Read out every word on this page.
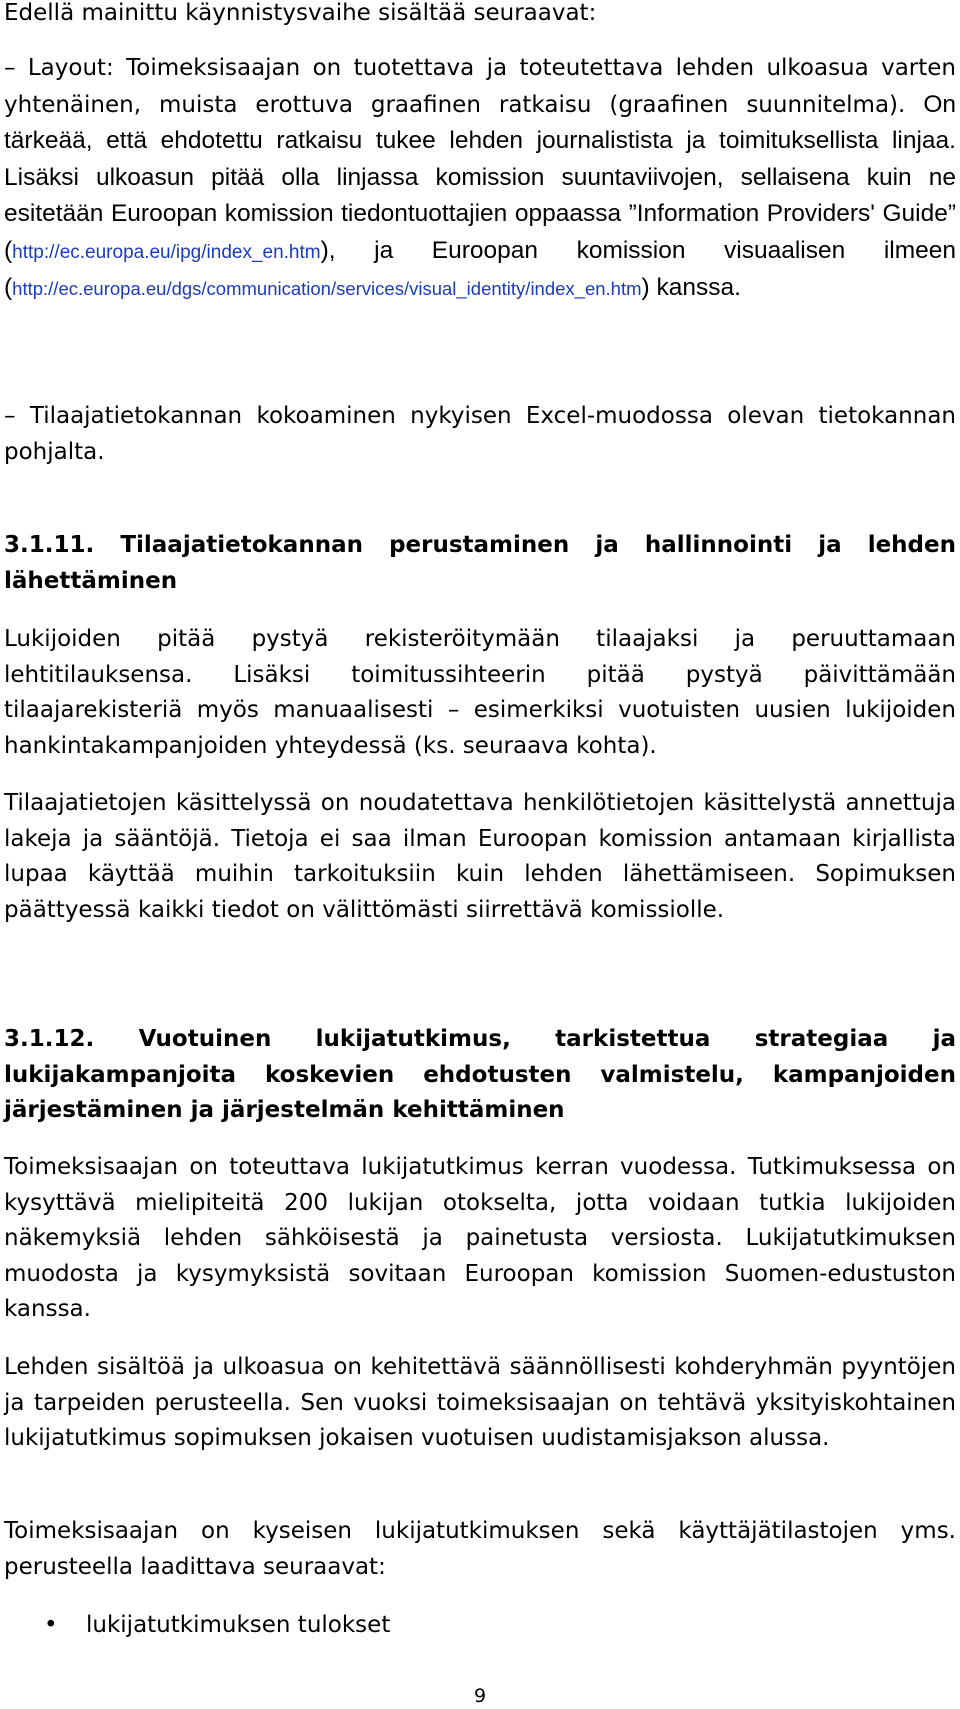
Edellä mainittu käynnistysvaihe sisältää seuraavat:

– Layout: Toimeksisaajan on tuotettava ja toteutettava lehden ulkoasua varten yhtenäinen, muista erottuva graafinen ratkaisu (graafinen suunnitelma). On tärkeää, että ehdotettu ratkaisu tukee lehden journalistista ja toimituksellista linjaa. Lisäksi ulkoasun pitää olla linjassa komission suuntaviivojen, sellaisena kuin ne esitetään Euroopan komission tiedontuottajien oppaassa ”Information Providers' Guide” (http://ec.europa.eu/ipg/index_en.htm), ja Euroopan komission visuaalisen ilmeen (http://ec.europa.eu/dgs/communication/services/visual_identity/index_en.htm) kanssa.

– Tilaajatietokannan kokoaminen nykyisen Excel-muodossa olevan tietokannan pohjalta.

3.1.11. Tilaajatietokannan perustaminen ja hallinnointi ja lehden lähettäminen

Lukijoiden pitää pystyä rekisteröitymään tilaajaksi ja peruuttamaan lehtitilauksensa. Lisäksi toimitussihteerin pitää pystyä päivittämään tilaajarekisteriä myös manuaalisesti – esimerkiksi vuotuisten uusien lukijoiden hankintakampanjoiden yhteydessä (ks. seuraava kohta).

Tilaajatietojen käsittelyssä on noudatettava henkilötietojen käsittelystä annettuja lakeja ja sääntöjä. Tietoja ei saa ilman Euroopan komission antamaan kirjallista lupaa käyttää muihin tarkoituksiin kuin lehden lähettämiseen. Sopimuksen päättyessä kaikki tiedot on välittömästi siirrettävä komissiolle.

3.1.12. Vuotuinen lukijatutkimus, tarkistettua strategiaa ja lukijakampanjoita koskevien ehdotusten valmistelu, kampanjoiden järjestäminen ja järjestelmän kehittäminen

Toimeksisaajan on toteuttava lukijatutkimus kerran vuodessa. Tutkimuksessa on kysyttävä mielipiteitä 200 lukijan otokselta, jotta voidaan tutkia lukijoiden näkemyksiä lehden sähköisestä ja painetusta versiosta. Lukijatutkimuksen muodosta ja kysymyksistä sovitaan Euroopan komission Suomen-edustuston kanssa.

Lehden sisältöä ja ulkoasua on kehitettävä säännöllisesti kohderyhmän pyyntöjen ja tarpeiden perusteella. Sen vuoksi toimeksisaajan on tehtävä yksityiskohtainen lukijatutkimus sopimuksen jokaisen vuotuisen uudistamisjakson alussa.

Toimeksisaajan on kyseisen lukijatutkimuksen sekä käyttäjätilastojen yms. perusteella laadittava seuraavat:

• lukijatutkimuksen tulokset
9
